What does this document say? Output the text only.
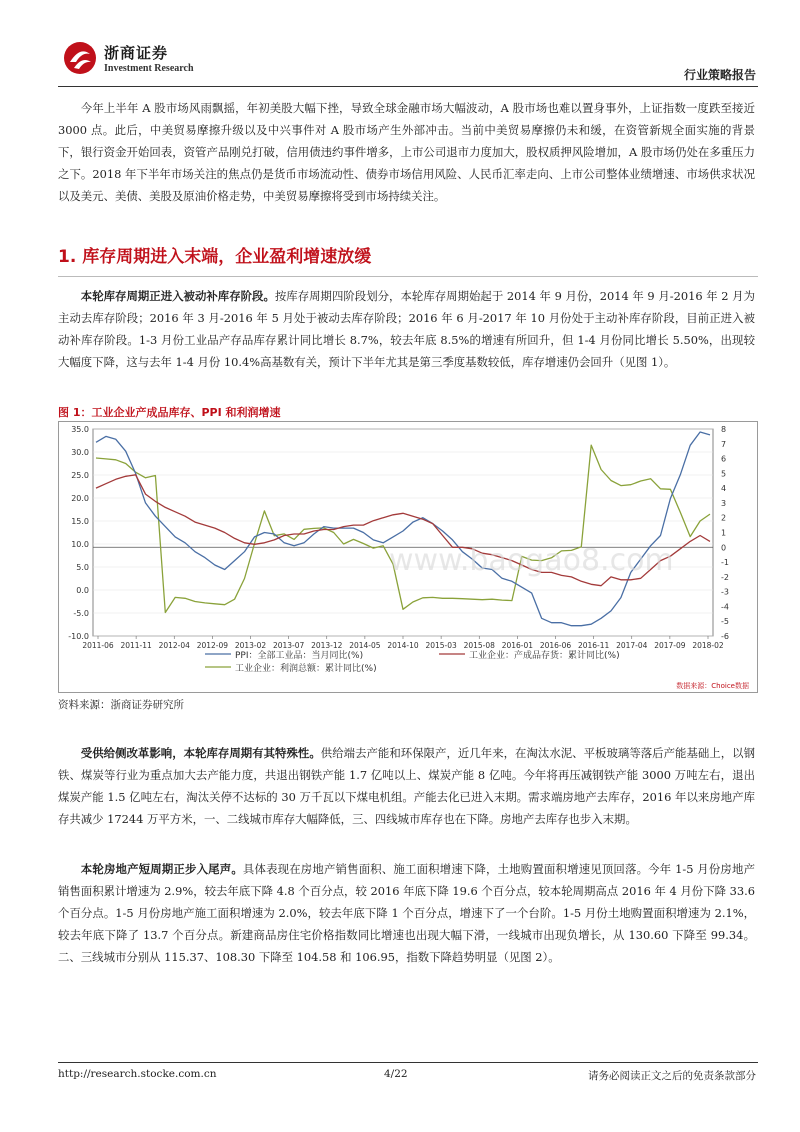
浙商证券
Investment Research	行业策略报告

今年上半年 A 股市场风雨飘摇，年初美股大幅下挫，导致全球金融市场大幅波动，A 股市场也难以置身事外，上证指数一度跌至接近 3000 点。此后，中美贸易摩擦升级以及中兴事件对 A 股市场产生外部冲击。当前中美贸易摩擦仍未和缓，在资管新规全面实施的背景下，银行资金开始回表，资管产品刚兑打破，信用债违约事件增多，上市公司退市力度加大，股权质押风险增加，A 股市场仍处在多重压力之下。2018 年下半年市场关注的焦点仍是货币市场流动性、债券市场信用风险、人民币汇率走向、上市公司整体业绩增速、市场供求状况以及美元、美债、美股及原油价格走势，中美贸易摩擦将受到市场持续关注。

1. 库存周期进入末端，企业盈利增速放缓

本轮库存周期正进入被动补库存阶段。按库存周期四阶段划分，本轮库存周期始起于 2014 年 9 月份，2014 年 9 月-2016 年 2 月为主动去库存阶段；2016 年 3 月-2016 年 5 月处于被动去库存阶段；2016 年 6 月-2017 年 10 月份处于主动补库存阶段，目前正进入被动补库存阶段。1-3 月份工业品产存品库存累计同比增长 8.7%，较去年底 8.5%的增速有所回升，但 1-4 月份同比增长 5.50%，出现较大幅度下降，这与去年 1-4 月份 10.4%高基数有关，预计下半年尤其是第三季度基数较低，库存增速仍会回升（见图 1）。

图 1：工业企业产成品库存、PPI 和利润增速

35.0
30.0
25.0
20.0
15.0
10.0
5.0
0.0
-5.0
-10.0
8
7
6
5
4
3
2
1
0
-1
-2
-3
-4
-5
-6
2011-06 2011-11 2012-04 2012-09 2013-02 2013-07 2013-12 2014-05 2014-10 2015-03 2015-08 2016-01 2016-06 2016-11 2017-04 2017-09 2018-02
PPI：全部工业品：当月同比(%)	工业企业：产成品存货：累计同比(%)
工业企业：利润总额：累计同比(%)
www.baogao8.com
数据来源：Choice数据

资料来源：浙商证券研究所

受供给侧改革影响，本轮库存周期有其特殊性。供给端去产能和环保限产，近几年来，在淘汰水泥、平板玻璃等落后产能基础上，以钢铁、煤炭等行业为重点加大去产能力度，共退出钢铁产能 1.7 亿吨以上、煤炭产能 8 亿吨。今年将再压减钢铁产能 3000 万吨左右，退出煤炭产能 1.5 亿吨左右，淘汰关停不达标的 30 万千瓦以下煤电机组。产能去化已进入末期。需求端房地产去库存，2016 年以来房地产库存共减少 17244 万平方米，一、二线城市库存大幅降低，三、四线城市库存也在下降。房地产去库存也步入末期。

本轮房地产短周期正步入尾声。具体表现在房地产销售面积、施工面积增速下降，土地购置面积增速见顶回落。今年 1-5 月份房地产销售面积累计增速为 2.9%，较去年底下降 4.8 个百分点，较 2016 年底下降 19.6 个百分点，较本轮周期高点 2016 年 4 月份下降 33.6 个百分点。1-5 月份房地产施工面积增速为 2.0%，较去年底下降 1 个百分点，增速下了一个台阶。1-5 月份土地购置面积增速为 2.1%，较去年底下降了 13.7 个百分点。新建商品房住宅价格指数同比增速也出现大幅下滑，一线城市出现负增长，从 130.60 下降至 99.34。二、三线城市分别从 115.37、108.30 下降至 104.58 和 106.95，指数下降趋势明显（见图 2）。

http://research.stocke.com.cn	4/22	请务必阅读正文之后的免责条款部分
